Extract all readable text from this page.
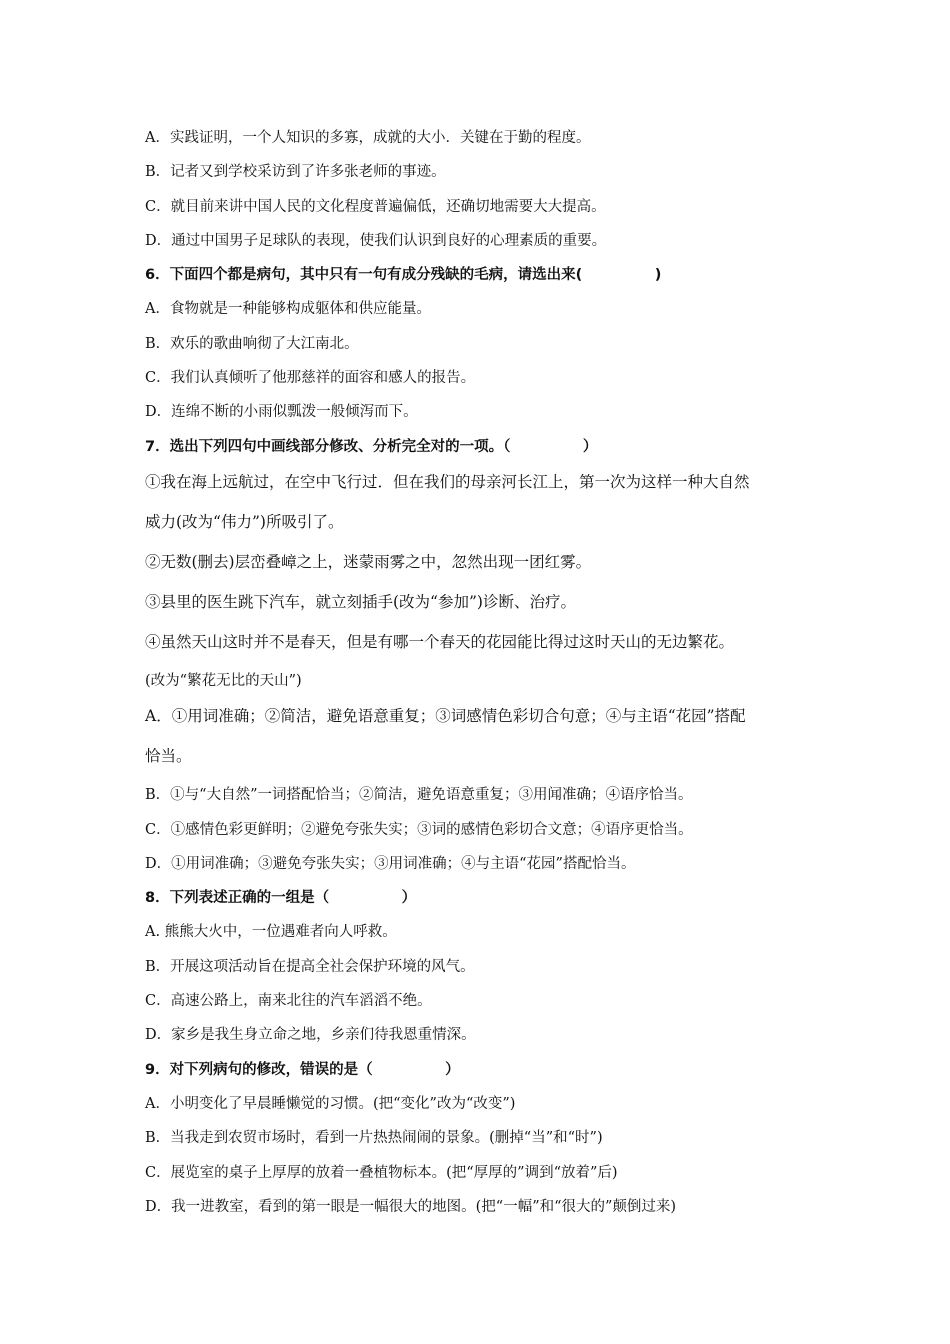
A．实践证明，一个人知识的多寡，成就的大小．关键在于勤的程度。
B．记者又到学校采访到了许多张老师的事迹。
C．就目前来讲中国人民的文化程度普遍偏低，还确切地需要大大提高。
D．通过中国男子足球队的表现，使我们认识到良好的心理素质的重要。
6．下面四个都是病句，其中只有一句有成分残缺的毛病，请选出来(　　　　　)
A．食物就是一种能够构成躯体和供应能量。
B．欢乐的歌曲响彻了大江南北。
C．我们认真倾听了他那慈祥的面容和感人的报告。
D．连绵不断的小雨似瓢泼一般倾泻而下。
7．选出下列四句中画线部分修改、分析完全对的一项。（　　　　　）
①我在海上远航过，在空中飞行过．但在我们的母亲河长江上，第一次为这样一种大自然
威力(改为“伟力”)所吸引了。
②无数(删去)层峦叠嶂之上，迷蒙雨雾之中，忽然出现一团红雾。
③县里的医生跳下汽车，就立刻插手(改为“参加”)诊断、治疗。
④虽然天山这时并不是春天，但是有哪一个春天的花园能比得过这时天山的无边繁花。
(改为“繁花无比的天山”)
A．①用词准确；②简洁，避免语意重复；③词感情色彩切合句意；④与主语“花园”搭配
恰当。
B．①与“大自然”一词搭配恰当；②简洁，避免语意重复；③用闻准确；④语序恰当。
C．①感情色彩更鲜明；②避免夸张失实；③词的感情色彩切合文意；④语序更恰当。
D．①用词准确；③避免夸张失实；③用词准确；④与主语“花园”搭配恰当。
8．下列表述正确的一组是（　　　　　）
A. 熊熊大火中，一位遇难者向人呼救。
B．开展这项活动旨在提高全社会保护环境的风气。
C．高速公路上，南来北往的汽车滔滔不绝。
D．家乡是我生身立命之地，乡亲们待我恩重情深。
9．对下列病句的修改，错误的是（　　　　　）
A．小明变化了早晨睡懒觉的习惯。(把“变化”改为“改变”)
B．当我走到农贸市场时，看到一片热热闹闹的景象。(删掉“当”和“时”)
C．展览室的桌子上厚厚的放着一叠植物标本。(把“厚厚的”调到“放着”后)
D．我一进教室，看到的第一眼是一幅很大的地图。(把“一幅”和“很大的”颠倒过来)
